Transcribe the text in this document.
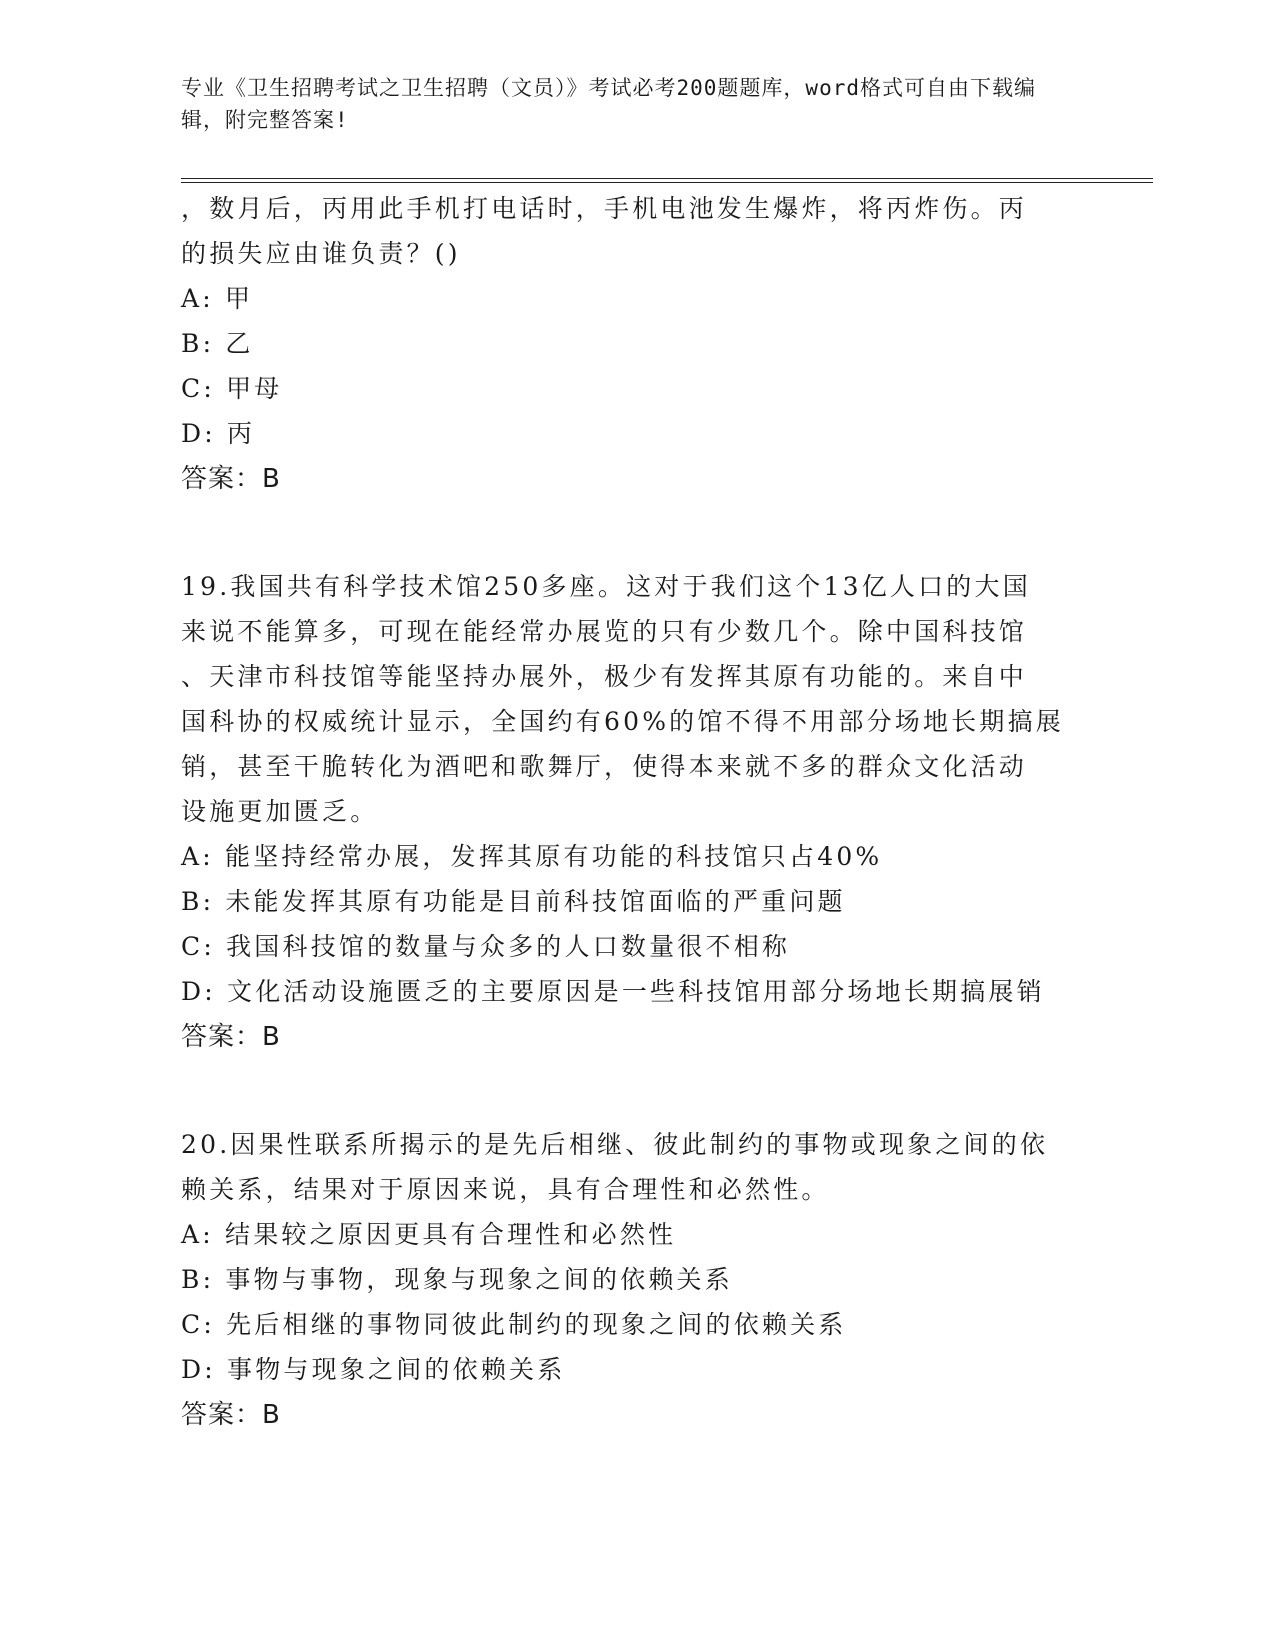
专业《卫生招聘考试之卫生招聘（文员）》考试必考200题题库，word格式可自由下载编辑，附完整答案!

，数月后，丙用此手机打电话时，手机电池发生爆炸，将丙炸伤。丙

的损失应由谁负责？()

A: 甲

B: 乙

C: 甲母

D: 丙

答案：B

19.我国共有科学技术馆250多座。这对于我们这个13亿人口的大国

来说不能算多，可现在能经常办展览的只有少数几个。除中国科技馆

、天津市科技馆等能坚持办展外，极少有发挥其原有功能的。来自中

国科协的权威统计显示，全国约有60%的馆不得不用部分场地长期搞展

销，甚至干脆转化为酒吧和歌舞厅，使得本来就不多的群众文化活动

设施更加匮乏。

A: 能坚持经常办展，发挥其原有功能的科技馆只占40%

B: 未能发挥其原有功能是目前科技馆面临的严重问题

C: 我国科技馆的数量与众多的人口数量很不相称

D: 文化活动设施匮乏的主要原因是一些科技馆用部分场地长期搞展销

答案：B

20.因果性联系所揭示的是先后相继、彼此制约的事物或现象之间的依

赖关系，结果对于原因来说，具有合理性和必然性。

A: 结果较之原因更具有合理性和必然性

B: 事物与事物，现象与现象之间的依赖关系

C: 先后相继的事物同彼此制约的现象之间的依赖关系

D: 事物与现象之间的依赖关系

答案：B
